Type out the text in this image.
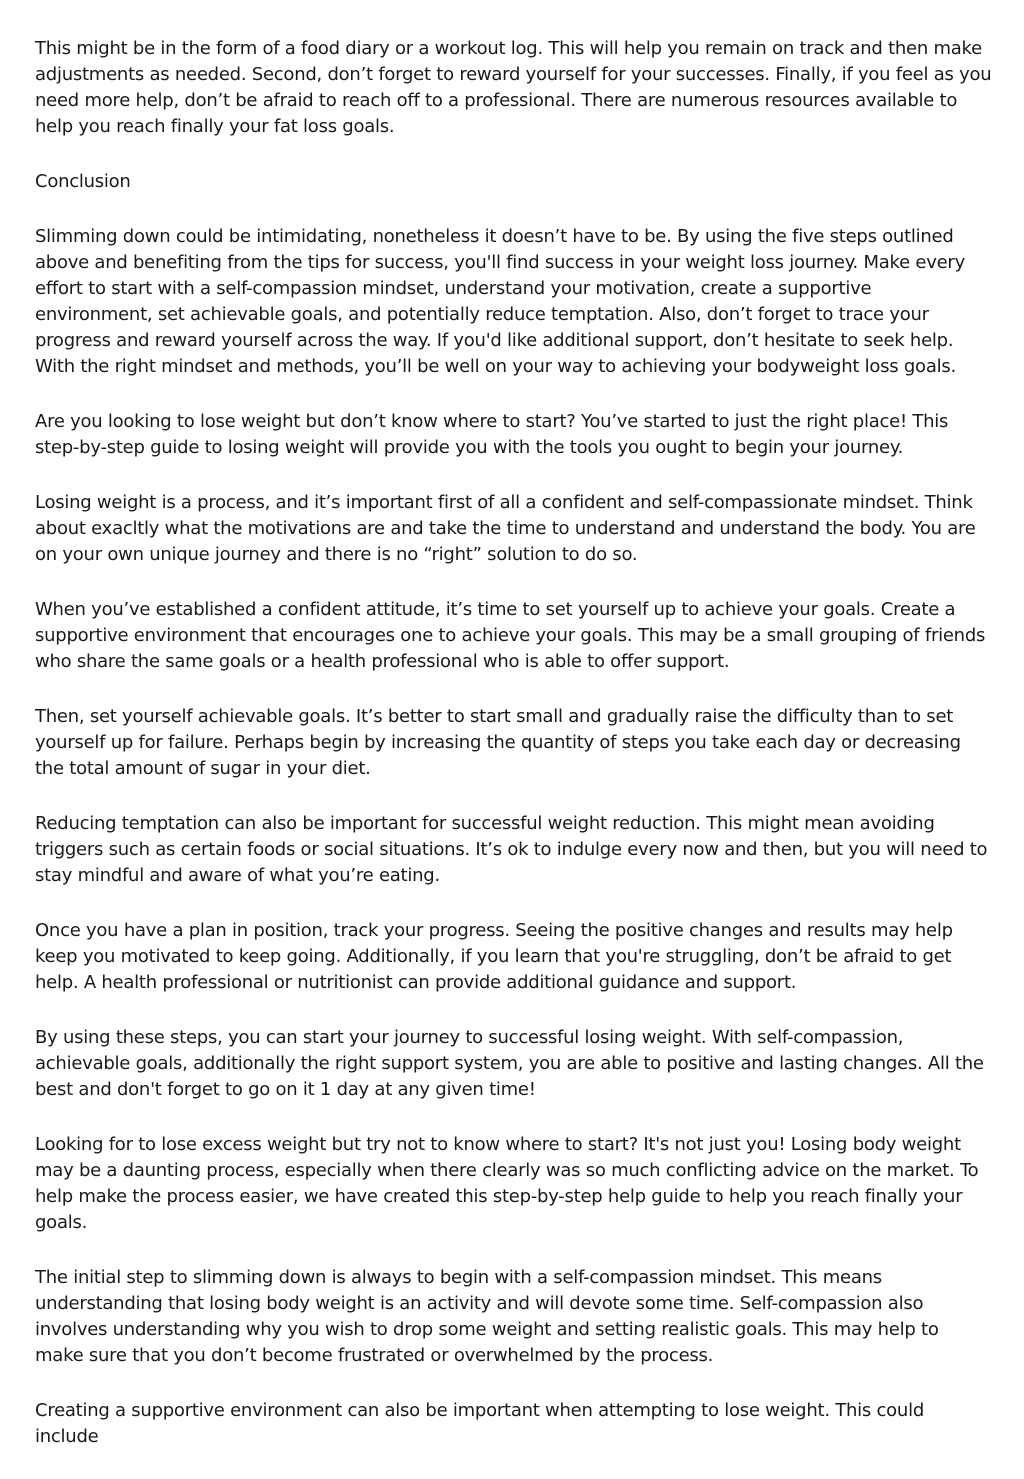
This might be in the form of a food diary or a workout log. This will help you remain on track and then make adjustments as needed. Second, don’t forget to reward yourself for your successes. Finally, if you feel as you need more help, don’t be afraid to reach off to a professional. There are numerous resources available to help you reach finally your fat loss goals.

Conclusion

Slimming down could be intimidating, nonetheless it doesn’t have to be. By using the five steps outlined above and benefiting from the tips for success, you'll find success in your weight loss journey. Make every effort to start with a self-compassion mindset, understand your motivation, create a supportive environment, set achievable goals, and potentially reduce temptation. Also, don’t forget to trace your progress and reward yourself across the way. If you'd like additional support, don’t hesitate to seek help. With the right mindset and methods, you’ll be well on your way to achieving your bodyweight loss goals.

Are you looking to lose weight but don’t know where to start? You’ve started to just the right place! This step-by-step guide to losing weight will provide you with the tools you ought to begin your journey.

Losing weight is a process, and it’s important first of all a confident and self-compassionate mindset. Think about exacltly what the motivations are and take the time to understand and understand the body. You are on your own unique journey and there is no “right” solution to do so.

When you’ve established a confident attitude, it’s time to set yourself up to achieve your goals. Create a supportive environment that encourages one to achieve your goals. This may be a small grouping of friends who share the same goals or a health professional who is able to offer support.

Then, set yourself achievable goals. It’s better to start small and gradually raise the difficulty than to set yourself up for failure. Perhaps begin by increasing the quantity of steps you take each day or decreasing the total amount of sugar in your diet.

Reducing temptation can also be important for successful weight reduction. This might mean avoiding triggers such as certain foods or social situations. It’s ok to indulge every now and then, but you will need to stay mindful and aware of what you’re eating.

Once you have a plan in position, track your progress. Seeing the positive changes and results may help keep you motivated to keep going. Additionally, if you learn that you're struggling, don’t be afraid to get help. A health professional or nutritionist can provide additional guidance and support.

By using these steps, you can start your journey to successful losing weight. With self-compassion, achievable goals, additionally the right support system, you are able to positive and lasting changes. All the best and don't forget to go on it 1 day at any given time!

Looking for to lose excess weight but try not to know where to start? It's not just you! Losing body weight may be a daunting process, especially when there clearly was so much conflicting advice on the market. To help make the process easier, we have created this step-by-step help guide to help you reach finally your goals.

The initial step to slimming down is always to begin with a self-compassion mindset. This means understanding that losing body weight is an activity and will devote some time. Self-compassion also involves understanding why you wish to drop some weight and setting realistic goals. This may help to make sure that you don’t become frustrated or overwhelmed by the process.

Creating a supportive environment can also be important when attempting to lose weight. This could include
